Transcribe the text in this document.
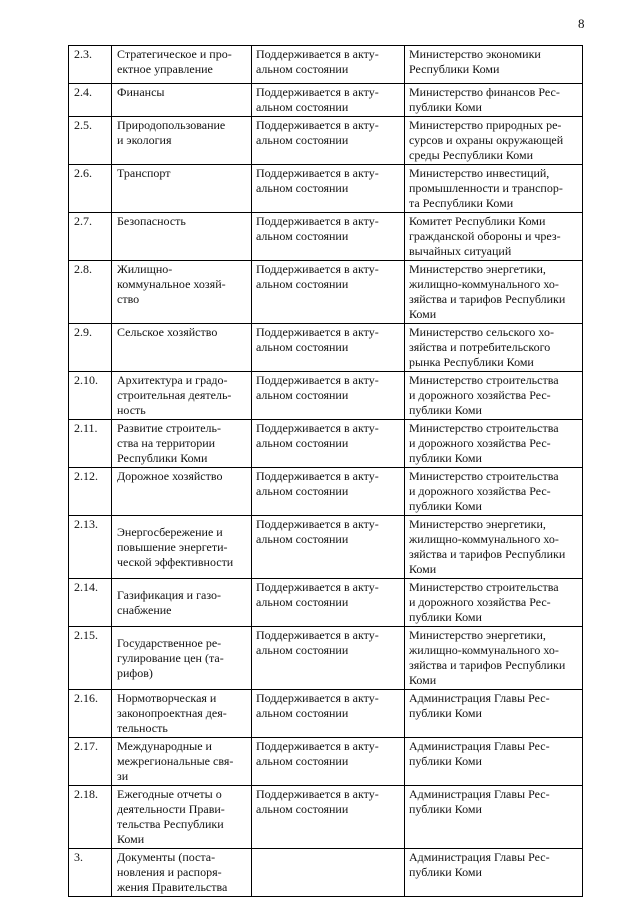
8
2.3.	Стратегическое и про-
ектное управление	Поддерживается в акту-
альном состоянии	Министерство экономики
Республики Коми
2.4.	Финансы	Поддерживается в акту-
альном состоянии	Министерство финансов Рес-
публики Коми
2.5.	Природопользование
и экология	Поддерживается в акту-
альном состоянии	Министерство природных ре-
сурсов и охраны окружающей
среды Республики Коми
2.6.	Транспорт	Поддерживается в акту-
альном состоянии	Министерство инвестиций,
промышленности и транспор-
та Республики Коми
2.7.	Безопасность	Поддерживается в акту-
альном состоянии	Комитет Республики Коми
гражданской обороны и чрез-
вычайных ситуаций
2.8.	Жилищно-
коммунальное хозяй-
ство	Поддерживается в акту-
альном состоянии	Министерство энергетики,
жилищно-коммунального хо-
зяйства и тарифов Республики
Коми
2.9.	Сельское хозяйство	Поддерживается в акту-
альном состоянии	Министерство сельского хо-
зяйства и потребительского
рынка Республики Коми
2.10.	Архитектура и градо-
строительная деятель-
ность	Поддерживается в акту-
альном состоянии	Министерство строительства
и дорожного хозяйства Рес-
публики Коми
2.11.	Развитие строитель-
ства на территории
Республики Коми	Поддерживается в акту-
альном состоянии	Министерство строительства
и дорожного хозяйства Рес-
публики Коми
2.12.	Дорожное хозяйство	Поддерживается в акту-
альном состоянии	Министерство строительства
и дорожного хозяйства Рес-
публики Коми
2.13.	Энергосбережение и
повышение энергети-
ческой эффективности	Поддерживается в акту-
альном состоянии	Министерство энергетики,
жилищно-коммунального хо-
зяйства и тарифов Республики
Коми
2.14.	Газификация и газо-
снабжение	Поддерживается в акту-
альном состоянии	Министерство строительства
и дорожного хозяйства Рес-
публики Коми
2.15.	Государственное ре-
гулирование цен (та-
рифов)	Поддерживается в акту-
альном состоянии	Министерство энергетики,
жилищно-коммунального хо-
зяйства и тарифов Республики
Коми
2.16.	Нормотворческая и
законопроектная дея-
тельность	Поддерживается в акту-
альном состоянии	Администрация Главы Рес-
публики Коми
2.17.	Международные и
межрегиональные свя-
зи	Поддерживается в акту-
альном состоянии	Администрация Главы Рес-
публики Коми
2.18.	Ежегодные отчеты о
деятельности Прави-
тельства Республики
Коми	Поддерживается в акту-
альном состоянии	Администрация Главы Рес-
публики Коми
3.	Документы (поста-
новления и распоря-
жения Правительства		Администрация Главы Рес-
публики Коми
